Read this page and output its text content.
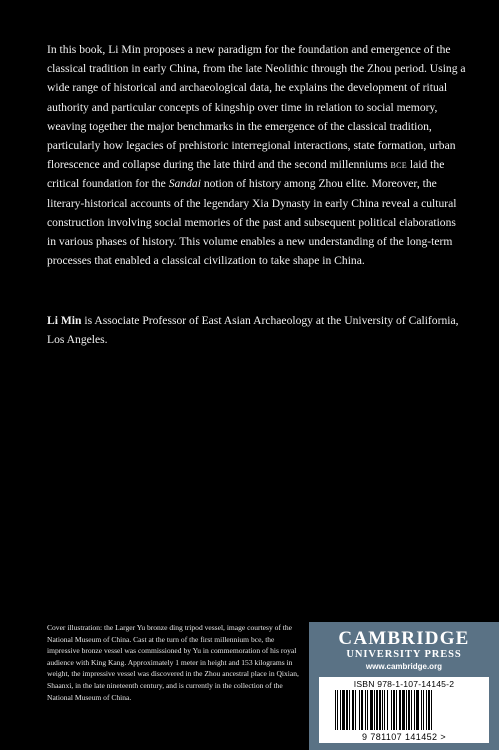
In this book, Li Min proposes a new paradigm for the foundation and emergence of the classical tradition in early China, from the late Neolithic through the Zhou period. Using a wide range of historical and archaeological data, he explains the development of ritual authority and particular concepts of kingship over time in relation to social memory, weaving together the major benchmarks in the emergence of the classical tradition, particularly how legacies of prehistoric interregional interactions, state formation, urban florescence and collapse during the late third and the second millenniums bce laid the critical foundation for the Sandai notion of history among Zhou elite. Moreover, the literary-historical accounts of the legendary Xia Dynasty in early China reveal a cultural construction involving social memories of the past and subsequent political elaborations in various phases of history. This volume enables a new understanding of the long-term processes that enabled a classical civilization to take shape in China.

Li Min is Associate Professor of East Asian Archaeology at the University of California, Los Angeles.

Cover illustration: the Larger Yu bronze ding tripod vessel, image courtesy of the National Museum of China. Cast at the turn of the first millennium bce, the impressive bronze vessel was commissioned by Yu in commemoration of his royal audience with King Kang. Approximately 1 meter in height and 153 kilograms in weight, the impressive vessel was discovered in the Zhou ancestral place in Qixian, Shaanxi, in the late nineteenth century, and is currently in the collection of the National Museum of China.

CAMBRIDGE
UNIVERSITY PRESS
www.cambridge.org
ISBN 978-1-107-14145-2
9 781107 141452 >
